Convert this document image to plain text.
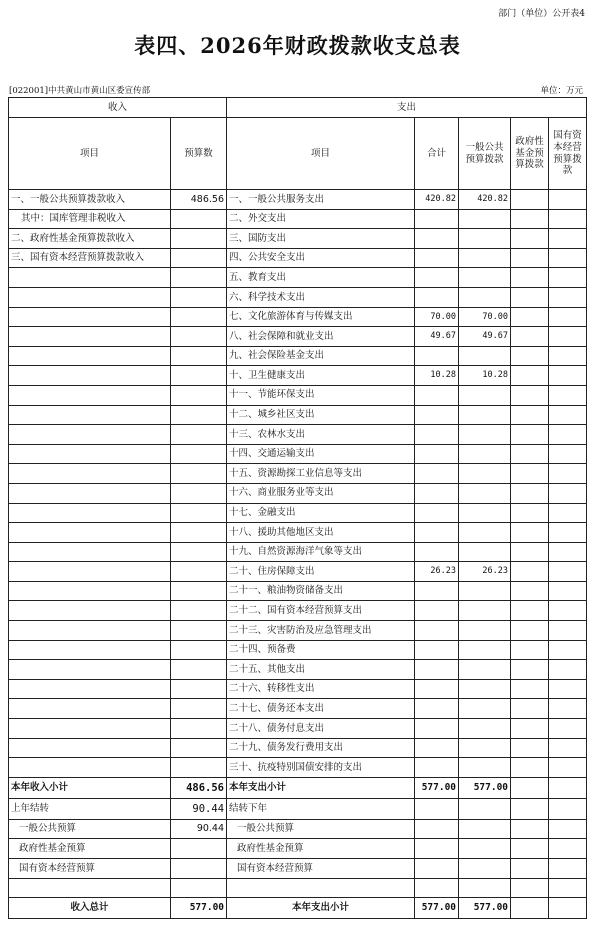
部门（单位）公开表4
表四、2026年财政拨款收支总表
[022001]中共黄山市黄山区委宣传部	单位：万元
收入		支出				
项目	预算数	项目	合计	一般公共预算拨款	政府性基金预算拨款	国有资本经营预算拨款
一、一般公共预算拨款收入	486.56	一、一般公共服务支出	420.82	420.82		
其中：国库管理非税收入		二、外交支出				
二、政府性基金预算拨款收入		三、国防支出				
三、国有资本经营预算拨款收入		四、公共安全支出				
		五、教育支出				
		六、科学技术支出				
		七、文化旅游体育与传媒支出	70.00	70.00		
		八、社会保障和就业支出	49.67	49.67		
		九、社会保险基金支出				
		十、卫生健康支出	10.28	10.28		
		十一、节能环保支出				
		十二、城乡社区支出				
		十三、农林水支出				
		十四、交通运输支出				
		十五、资源勘探工业信息等支出				
		十六、商业服务业等支出				
		十七、金融支出				
		十八、援助其他地区支出				
		十九、自然资源海洋气象等支出				
		二十、住房保障支出	26.23	26.23		
		二十一、粮油物资储备支出				
		二十二、国有资本经营预算支出				
		二十三、灾害防治及应急管理支出				
		二十四、预备费				
		二十五、其他支出				
		二十六、转移性支出				
		二十七、债务还本支出				
		二十八、债务付息支出				
		二十九、债务发行费用支出				
		三十、抗疫特别国债安排的支出				
本年收入小计	486.56	本年支出小计	577.00	577.00		
上年结转	90.44	结转下年				
一般公共预算	90.44	一般公共预算				
政府性基金预算		政府性基金预算				
国有资本经营预算		国有资本经营预算				

收入总计	577.00	本年支出小计	577.00	577.00		
